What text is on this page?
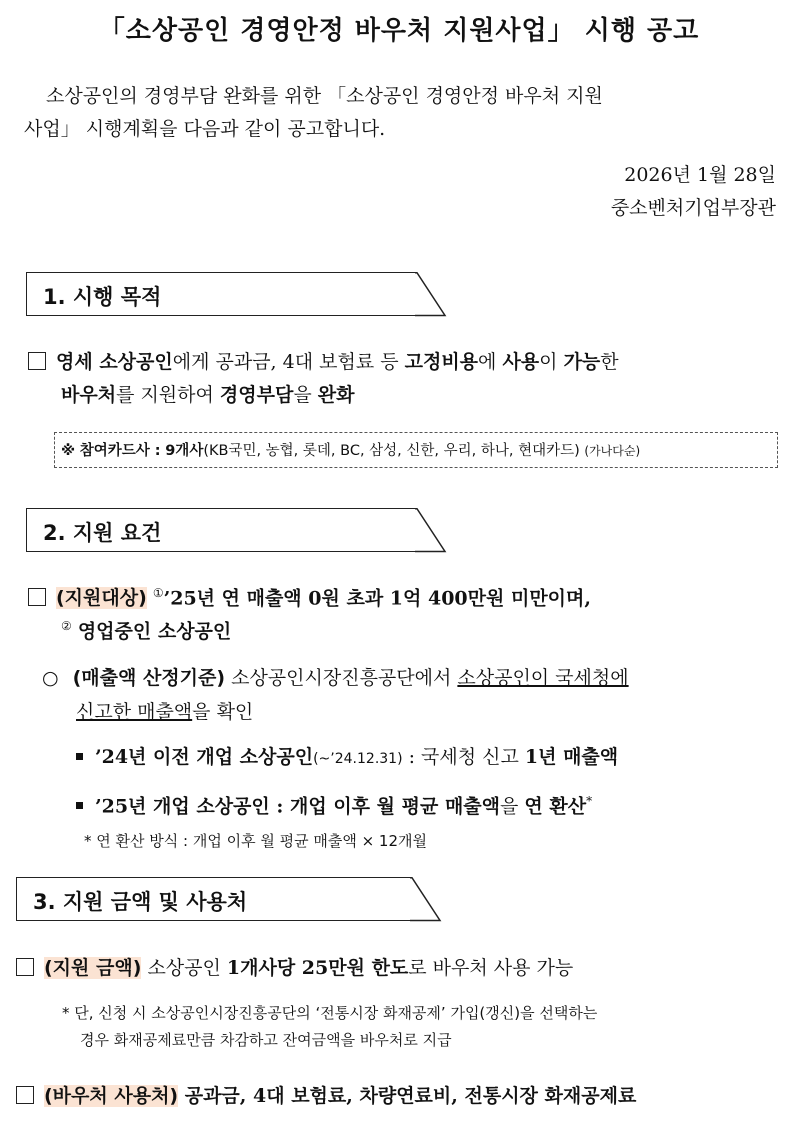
「소상공인 경영안정 바우처 지원사업」 시행 공고
소상공인의 경영부담 완화를 위한 「소상공인 경영안정 바우처 지원
사업」 시행계획을 다음과 같이 공고합니다.
2026년 1월 28일
중소벤처기업부장관
1. 시행 목적
영세 소상공인에게 공과금, 4대 보험료 등 고정비용에 사용이 가능한
바우처를 지원하여 경영부담을 완화
※ 참여카드사 : 9개사(KB국민, 농협, 롯데, BC, 삼성, 신한, 우리, 하나, 현대카드) (가나다순)
2. 지원 요건
(지원대상) ①’25년 연 매출액 0원 초과 1억 400만원 미만이며,
② 영업중인 소상공인
○ (매출액 산정기준) 소상공인시장진흥공단에서 소상공인이 국세청에
신고한 매출액을 확인
’24년 이전 개업 소상공인(~’24.12.31) : 국세청 신고 1년 매출액
’25년 개업 소상공인 : 개업 이후 월 평균 매출액을 연 환산*
* 연 환산 방식 : 개업 이후 월 평균 매출액 × 12개월
3. 지원 금액 및 사용처
(지원 금액) 소상공인 1개사당 25만원 한도로 바우처 사용 가능
* 단, 신청 시 소상공인시장진흥공단의 ‘전통시장 화재공제’ 가입(갱신)을 선택하는
경우 화재공제료만큼 차감하고 잔여금액을 바우처로 지급
(바우처 사용처) 공과금, 4대 보험료, 차량연료비, 전통시장 화재공제료
